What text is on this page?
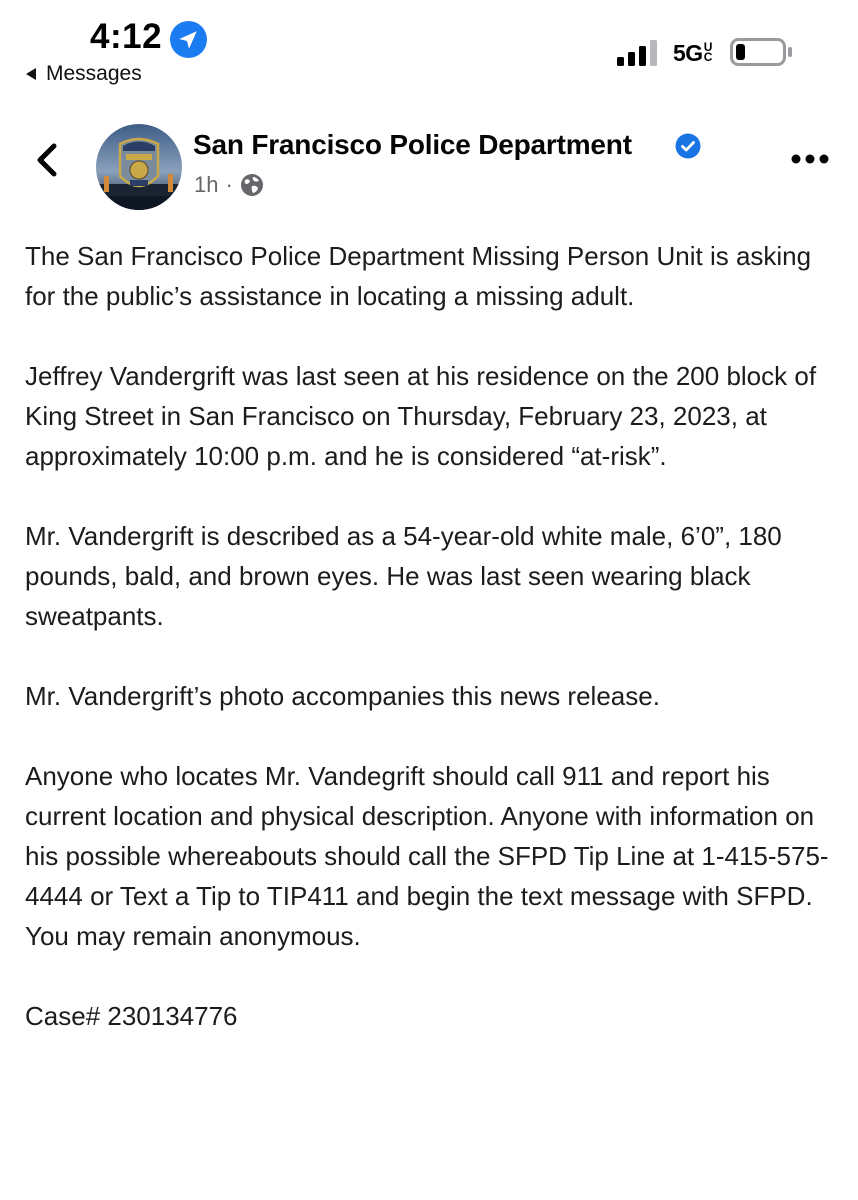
4:12
Messages
5GUC
San Francisco Police Department
1h ·

The San Francisco Police Department Missing Person Unit is asking for the public’s assistance in locating a missing adult.

Jeffrey Vandergrift was last seen at his residence on the 200 block of King Street in San Francisco on Thursday, February 23, 2023, at approximately 10:00 p.m. and he is considered “at-risk”.

Mr. Vandergrift is described as a 54-year-old white male, 6’0”, 180 pounds, bald, and brown eyes. He was last seen wearing black sweatpants.

Mr. Vandergrift’s photo accompanies this news release.

Anyone who locates Mr. Vandegrift should call 911 and report his current location and physical description. Anyone with information on his possible whereabouts should call the SFPD Tip Line at 1-415-575-4444 or Text a Tip to TIP411 and begin the text message with SFPD. You may remain anonymous.

Case# 230134776
